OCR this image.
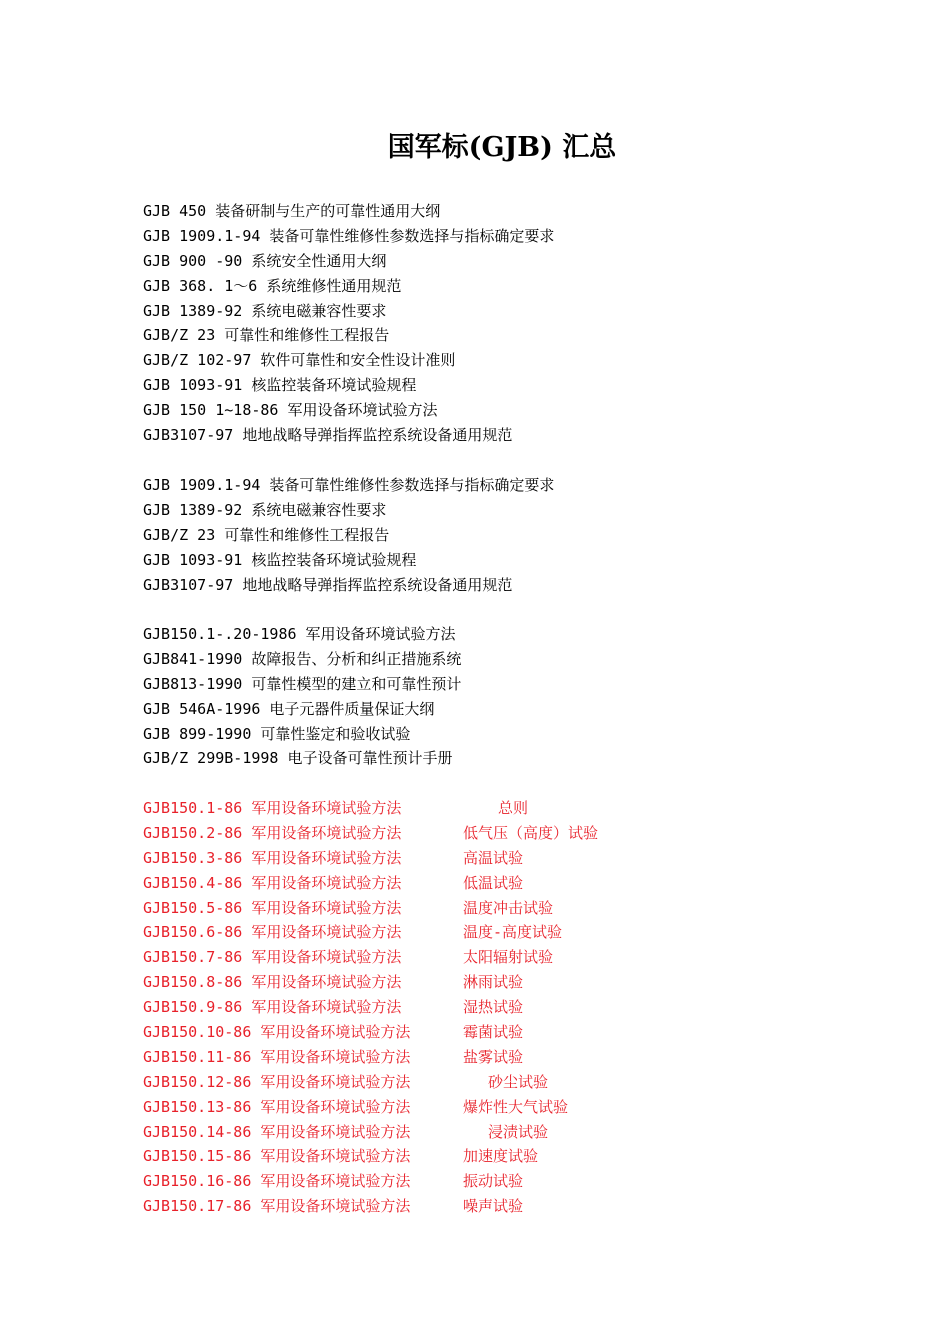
国军标(GJB) 汇总
GJB 450 装备研制与生产的可靠性通用大纲
GJB 1909.1-94 装备可靠性维修性参数选择与指标确定要求
GJB 900 -90 系统安全性通用大纲
GJB 368. 1～6 系统维修性通用规范
GJB 1389-92 系统电磁兼容性要求
GJB/Z 23 可靠性和维修性工程报告
GJB/Z 102-97 软件可靠性和安全性设计准则
GJB 1093-91 核监控装备环境试验规程
GJB 150 1~18-86 军用设备环境试验方法
GJB3107-97 地地战略导弹指挥监控系统设备通用规范
GJB 1909.1-94 装备可靠性维修性参数选择与指标确定要求
GJB 1389-92 系统电磁兼容性要求
GJB/Z 23 可靠性和维修性工程报告
GJB 1093-91 核监控装备环境试验规程
GJB3107-97 地地战略导弹指挥监控系统设备通用规范
GJB150.1-.20-1986 军用设备环境试验方法
GJB841-1990 故障报告、分析和纠正措施系统
GJB813-1990 可靠性模型的建立和可靠性预计
GJB 546A-1996 电子元器件质量保证大纲
GJB 899-1990 可靠性鉴定和验收试验
GJB/Z 299B-1998 电子设备可靠性预计手册
GJB150.1-86 军用设备环境试验方法	总则
GJB150.2-86 军用设备环境试验方法	低气压（高度）试验
GJB150.3-86 军用设备环境试验方法	高温试验
GJB150.4-86 军用设备环境试验方法	低温试验
GJB150.5-86 军用设备环境试验方法	温度冲击试验
GJB150.6-86 军用设备环境试验方法	温度-高度试验
GJB150.7-86 军用设备环境试验方法	太阳辐射试验
GJB150.8-86 军用设备环境试验方法	淋雨试验
GJB150.9-86 军用设备环境试验方法	湿热试验
GJB150.10-86 军用设备环境试验方法	霉菌试验
GJB150.11-86 军用设备环境试验方法	盐雾试验
GJB150.12-86 军用设备环境试验方法	砂尘试验
GJB150.13-86 军用设备环境试验方法	爆炸性大气试验
GJB150.14-86 军用设备环境试验方法	浸渍试验
GJB150.15-86 军用设备环境试验方法	加速度试验
GJB150.16-86 军用设备环境试验方法	振动试验
GJB150.17-86 军用设备环境试验方法	噪声试验
